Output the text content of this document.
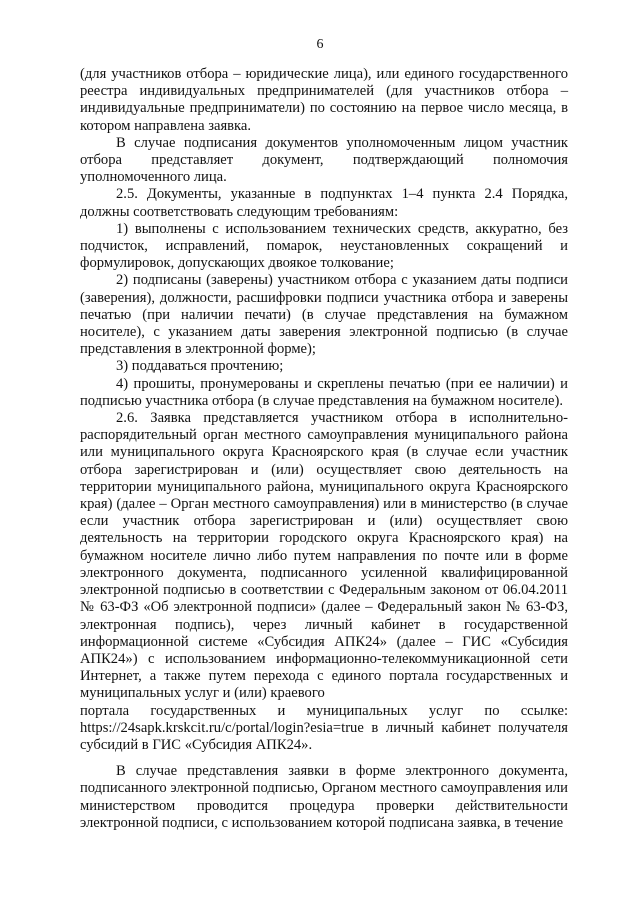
6

(для участников отбора – юридические лица), или единого государственного реестра индивидуальных предпринимателей (для участников отбора – индивидуальные предприниматели) по состоянию на первое число месяца, в котором направлена заявка.

В случае подписания документов уполномоченным лицом участник отбора представляет документ, подтверждающий полномочия уполномоченного лица.

2.5. Документы, указанные в подпунктах 1–4 пункта 2.4 Порядка, должны соответствовать следующим требованиям:

1) выполнены с использованием технических средств, аккуратно, без подчисток, исправлений, помарок, неустановленных сокращений и формулировок, допускающих двоякое толкование;

2) подписаны (заверены) участником отбора с указанием даты подписи (заверения), должности, расшифровки подписи участника отбора и заверены печатью (при наличии печати) (в случае представления на бумажном носителе), с указанием даты заверения электронной подписью (в случае представления в электронной форме);

3) поддаваться прочтению;

4) прошиты, пронумерованы и скреплены печатью (при ее наличии) и подписью участника отбора (в случае представления на бумажном носителе).

2.6. Заявка представляется участником отбора в исполнительно-распорядительный орган местного самоуправления муниципального района или муниципального округа Красноярского края (в случае если участник отбора зарегистрирован и (или) осуществляет свою деятельность на территории муниципального района, муниципального округа Красноярского края) (далее – Орган местного самоуправления) или в министерство (в случае если участник отбора зарегистрирован и (или) осуществляет свою деятельность на территории городского округа Красноярского края) на бумажном носителе лично либо путем направления по почте или в форме электронного документа, подписанного усиленной квалифицированной электронной подписью в соответствии с Федеральным законом от 06.04.2011 № 63-ФЗ «Об электронной подписи» (далее – Федеральный закон № 63-ФЗ, электронная подпись), через личный кабинет в государственной информационной системе «Субсидия АПК24» (далее – ГИС «Субсидия АПК24») с использованием информационно-телекоммуникационной сети Интернет, а также путем перехода с единого портала государственных и муниципальных услуг и (или) краевого

портала государственных и муниципальных услуг по ссылке: https://24sapk.krskcit.ru/c/portal/login?esia=true в личный кабинет получателя субсидий в ГИС «Субсидия АПК24».

В случае представления заявки в форме электронного документа, подписанного электронной подписью, Органом местного самоуправления или министерством проводится процедура проверки действительности электронной подписи, с использованием которой подписана заявка, в течение
